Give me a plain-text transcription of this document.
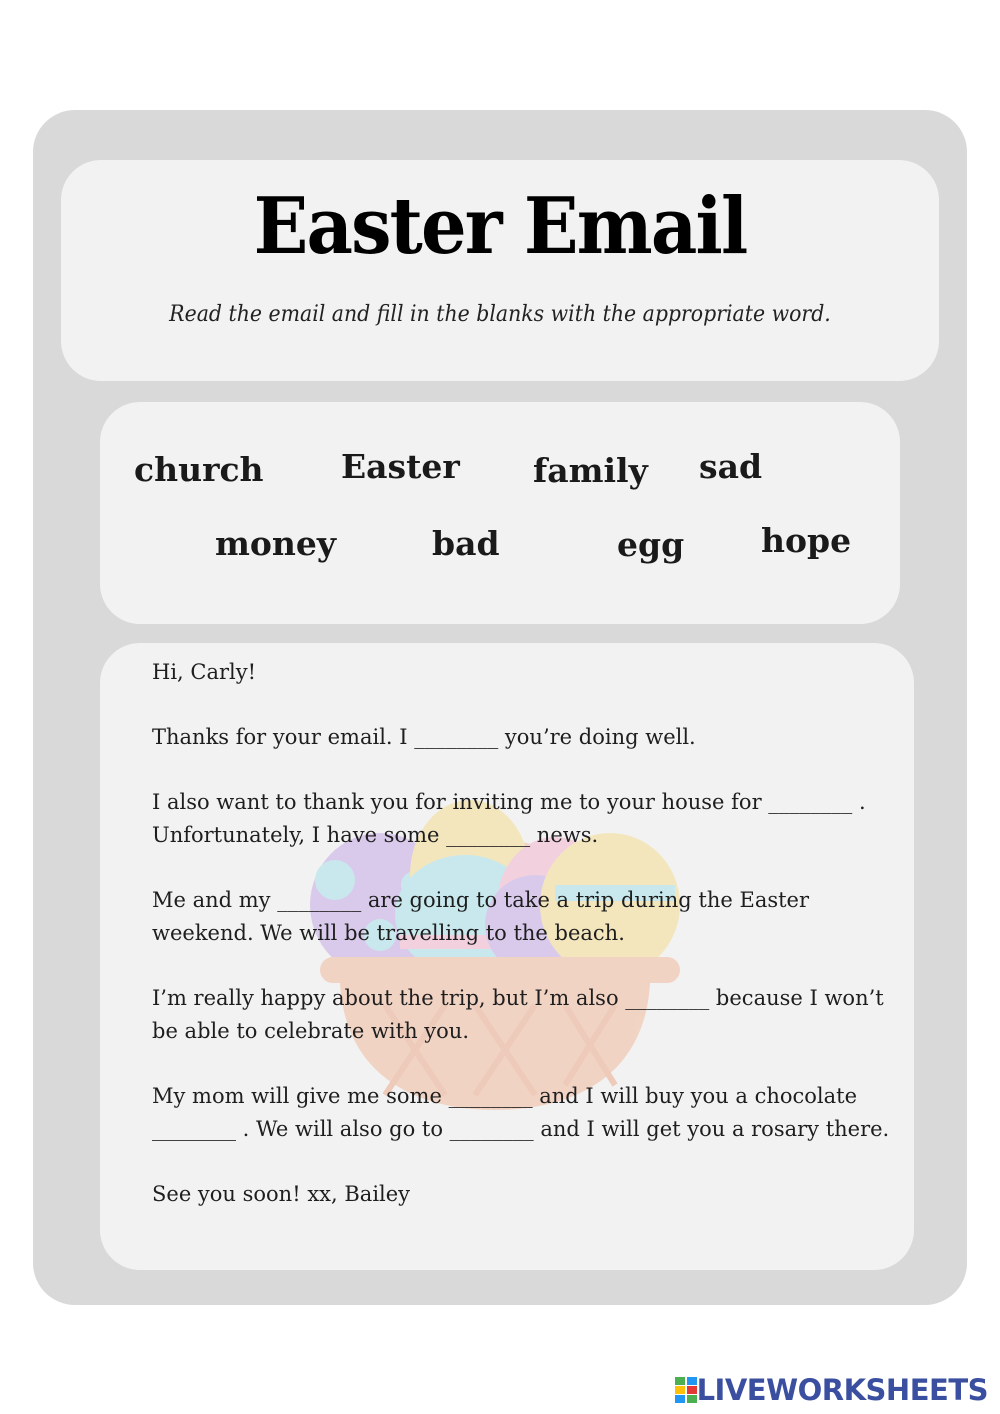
Easter Email
Read the email and fill in the blanks with the appropriate word.
church Easter family sad
money	bad	egg hope

Hi, Carly!

Thanks for your email. I ________ you’re doing well.

I also want to thank you for inviting me to your house for ________ . Unfortunately, I have some ________ news.

Me and my ________ are going to take a trip during the Easter weekend. We will be travelling to the beach.

I’m really happy about the trip, but I’m also ________ because I won’t be able to celebrate with you.

My mom will give me some ________ and I will buy you a chocolate ________ . We will also go to ________ and I will get you a rosary there.

See you soon! xx, Bailey

LIVEWORKSHEETS
